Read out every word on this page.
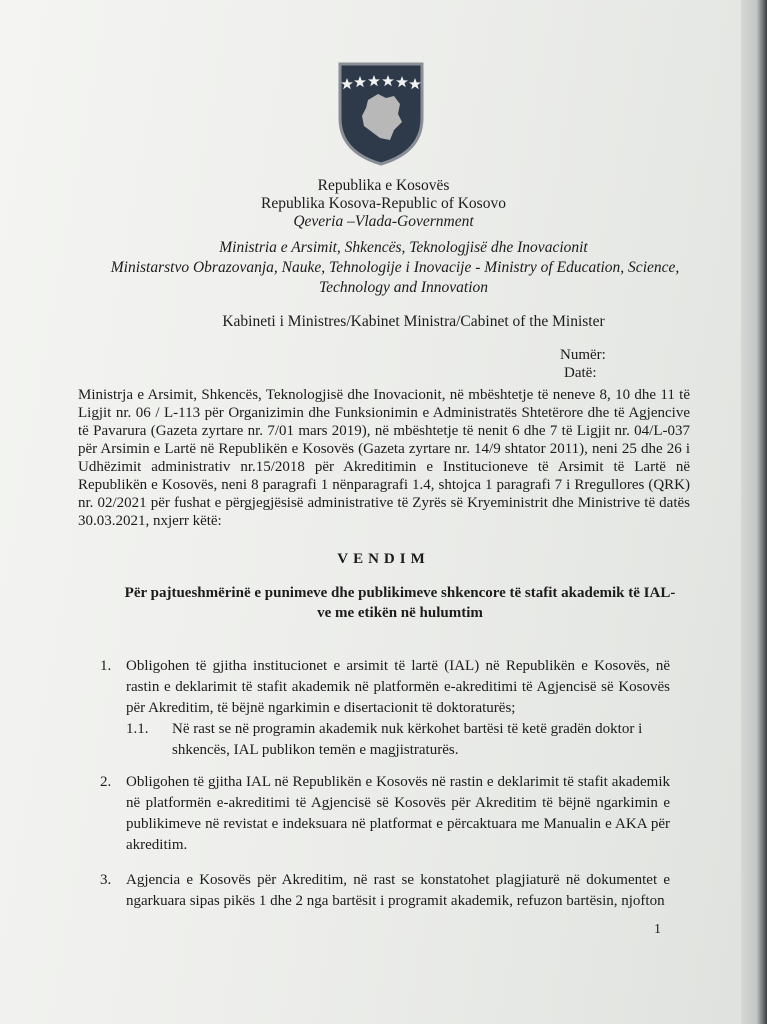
Republika e Kosovës
Republika Kosova-Republic of Kosovo
Qeveria –Vlada-Government
Ministria e Arsimit, Shkencës, Teknologjisë dhe Inovacionit
Ministarstvo Obrazovanja, Nauke, Tehnologije i Inovacije - Ministry of Education, Science,
Technology and Innovation
Kabineti i Ministres/Kabinet Ministra/Cabinet of the Minister
Numër:
Datë:
Ministrja e Arsimit, Shkencës, Teknologjisë dhe Inovacionit, në mbështetje të neneve 8, 10 dhe 11 të Ligjit nr. 06 / L-113 për Organizimin dhe Funksionimin e Administratës Shtetërore dhe të Agjencive të Pavarura (Gazeta zyrtare nr. 7/01 mars 2019), në mbështetje të nenit 6 dhe 7 të Ligjit nr. 04/L-037 për Arsimin e Lartë në Republikën e Kosovës (Gazeta zyrtare nr. 14/9 shtator 2011), neni 25 dhe 26 i Udhëzimit administrativ nr.15/2018 për Akreditimin e Institucioneve të Arsimit të Lartë në Republikën e Kosovës, neni 8 paragrafi 1 nënparagrafi 1.4, shtojca 1 paragrafi 7 i Rregullores (QRK) nr. 02/2021 për fushat e përgjegjësisë administrative të Zyrës së Kryeministrit dhe Ministrive të datës 30.03.2021, nxjerr këtë:
VENDIM
Për pajtueshmërinë e punimeve dhe publikimeve shkencore të stafit akademik të IAL-ve me etikën në hulumtim
1. Obligohen të gjitha institucionet e arsimit të lartë (IAL) në Republikën e Kosovës, në rastin e deklarimit të stafit akademik në platformën e-akreditimi të Agjencisë së Kosovës për Akreditim, të bëjnë ngarkimin e disertacionit të doktoraturës;
1.1. Në rast se në programin akademik nuk kërkohet bartësi të ketë gradën doktor i shkencës, IAL publikon temën e magjistraturës.
2. Obligohen të gjitha IAL në Republikën e Kosovës në rastin e deklarimit të stafit akademik në platformën e-akreditimi të Agjencisë së Kosovës për Akreditim të bëjnë ngarkimin e publikimeve në revistat e indeksuara në platformat e përcaktuara me Manualin e AKA për akreditim.
3. Agjencia e Kosovës për Akreditim, në rast se konstatohet plagjiaturë në dokumentet e ngarkuara sipas pikës 1 dhe 2 nga bartësit i programit akademik, refuzon bartësin, njofton
1
